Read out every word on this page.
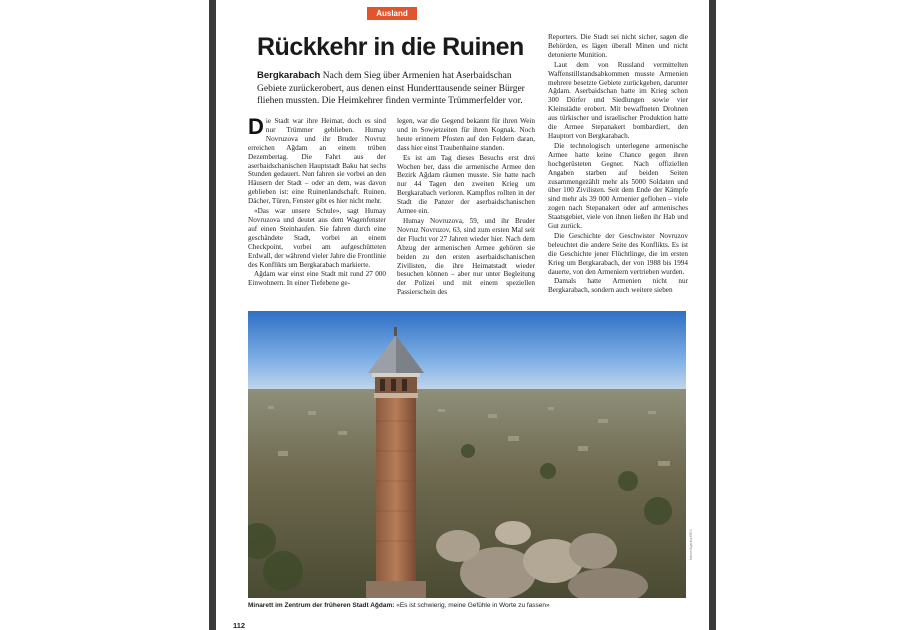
Ausland
Rückkehr in die Ruinen
Bergkarabach Nach dem Sieg über Armenien hat Aserbaidschan Gebiete zurückerobert, aus denen einst Hunderttausende seiner Bürger fliehen mussten. Die Heimkehrer finden verminte Trümmerfelder vor.

Die Stadt war ihre Heimat, doch es sind nur Trümmer geblieben. Humay Novruzova und ihr Bruder Novruz erreichen Ağdam an einem trüben Dezembertag. Die Fahrt aus der aserbaidschanischen Hauptstadt Baku hat sechs Stunden gedauert. Nun fahren sie vorbei an den Häusern der Stadt – oder an dem, was davon geblieben ist: eine Ruinenlandschaft. Ruinen. Dächer, Türen, Fenster gibt es hier nicht mehr.

«Das war unsere Schule», sagt Humay Novruzova und deutet aus dem Wagenfenster auf einen Steinhaufen. Sie fahren durch eine geschändete Stadt, vorbei an einem Checkpoint, vorbei am aufgeschütteten Erdwall, der während vieler Jahre die Frontlinie des Konflikts um Bergkarabach markierte.

Ağdam war einst eine Stadt mit rund 27 000 Einwohnern. In einer Tiefebene ge-

legen, war die Gegend bekannt für ihren Wein und in Sowjetzeiten für ihren Kognak. Noch heute erinnern Pfosten auf den Feldern daran, dass hier einst Traubenhaine standen.

Es ist am Tag dieses Besuchs erst drei Wochen her, dass die armenische Armee den Bezirk Ağdam räumen musste. Sie hatte nach nur 44 Tagen den zweiten Krieg um Bergkarabach verloren. Kampflos rollten in der Stadt die Panzer der aserbaidschanischen Armee ein.

Humay Novruzova, 59, und ihr Bruder Novruz Novruzov, 63, sind zum ersten Mal seit der Flucht vor 27 Jahren wieder hier. Nach dem Abzug der armenischen Armee gehören sie beiden zu den ersten aserbaidschanischen Zivilisten, die ihre Heimatstadt wieder besuchen können – aber nur unter Begleitung der Polizei und mit einem speziellen Passierschein des

Reporters. Die Stadt sei nicht sicher, sagen die Behörden, es lägen überall Minen und nicht detonierte Munition.

Laut dem von Russland vermittelten Waffenstillstandsabkommen musste Armenien mehrere besetzte Gebiete zurückgeben, darunter Ağdam. Aserbaidschan hatte im Krieg schon 300 Dörfer und Siedlungen sowie vier Kleinstädte erobert. Mit bewaffneten Drohnen aus türkischer und israelischer Produktion hatte die Armee Stepanakert bombardiert, den Hauptort von Bergkarabach.

Die technologisch unterlegene armenische Armee hatte keine Chance gegen ihren hochgerüsteten Gegner. Nach offiziellen Angaben starben auf beiden Seiten zusammengezählt mehr als 5000 Soldaten und über 100 Zivilisten. Seit dem Ende der Kämpfe sind mehr als 39 000 Armenier geflohen – viele zogen nach Stepanakert oder auf armenisches Staatsgebiet, viele von ihnen ließen ihr Hab und Gut zurück.

Die Geschichte der Geschwister Novruzov beleuchtet die andere Seite des Konflikts. Es ist die Geschichte jener Flüchtlinge, die im ersten Krieg um Bergkarabach, der von 1988 bis 1994 dauerte, von den Armeniern vertrieben wurden.

Damals hatte Armenien nicht nur Bergkarabach, sondern auch weitere sieben

Name/Agentur/REX
Minarett im Zentrum der früheren Stadt Ağdam: «Es ist schwierig, meine Gefühle in Worte zu fassen»
112
